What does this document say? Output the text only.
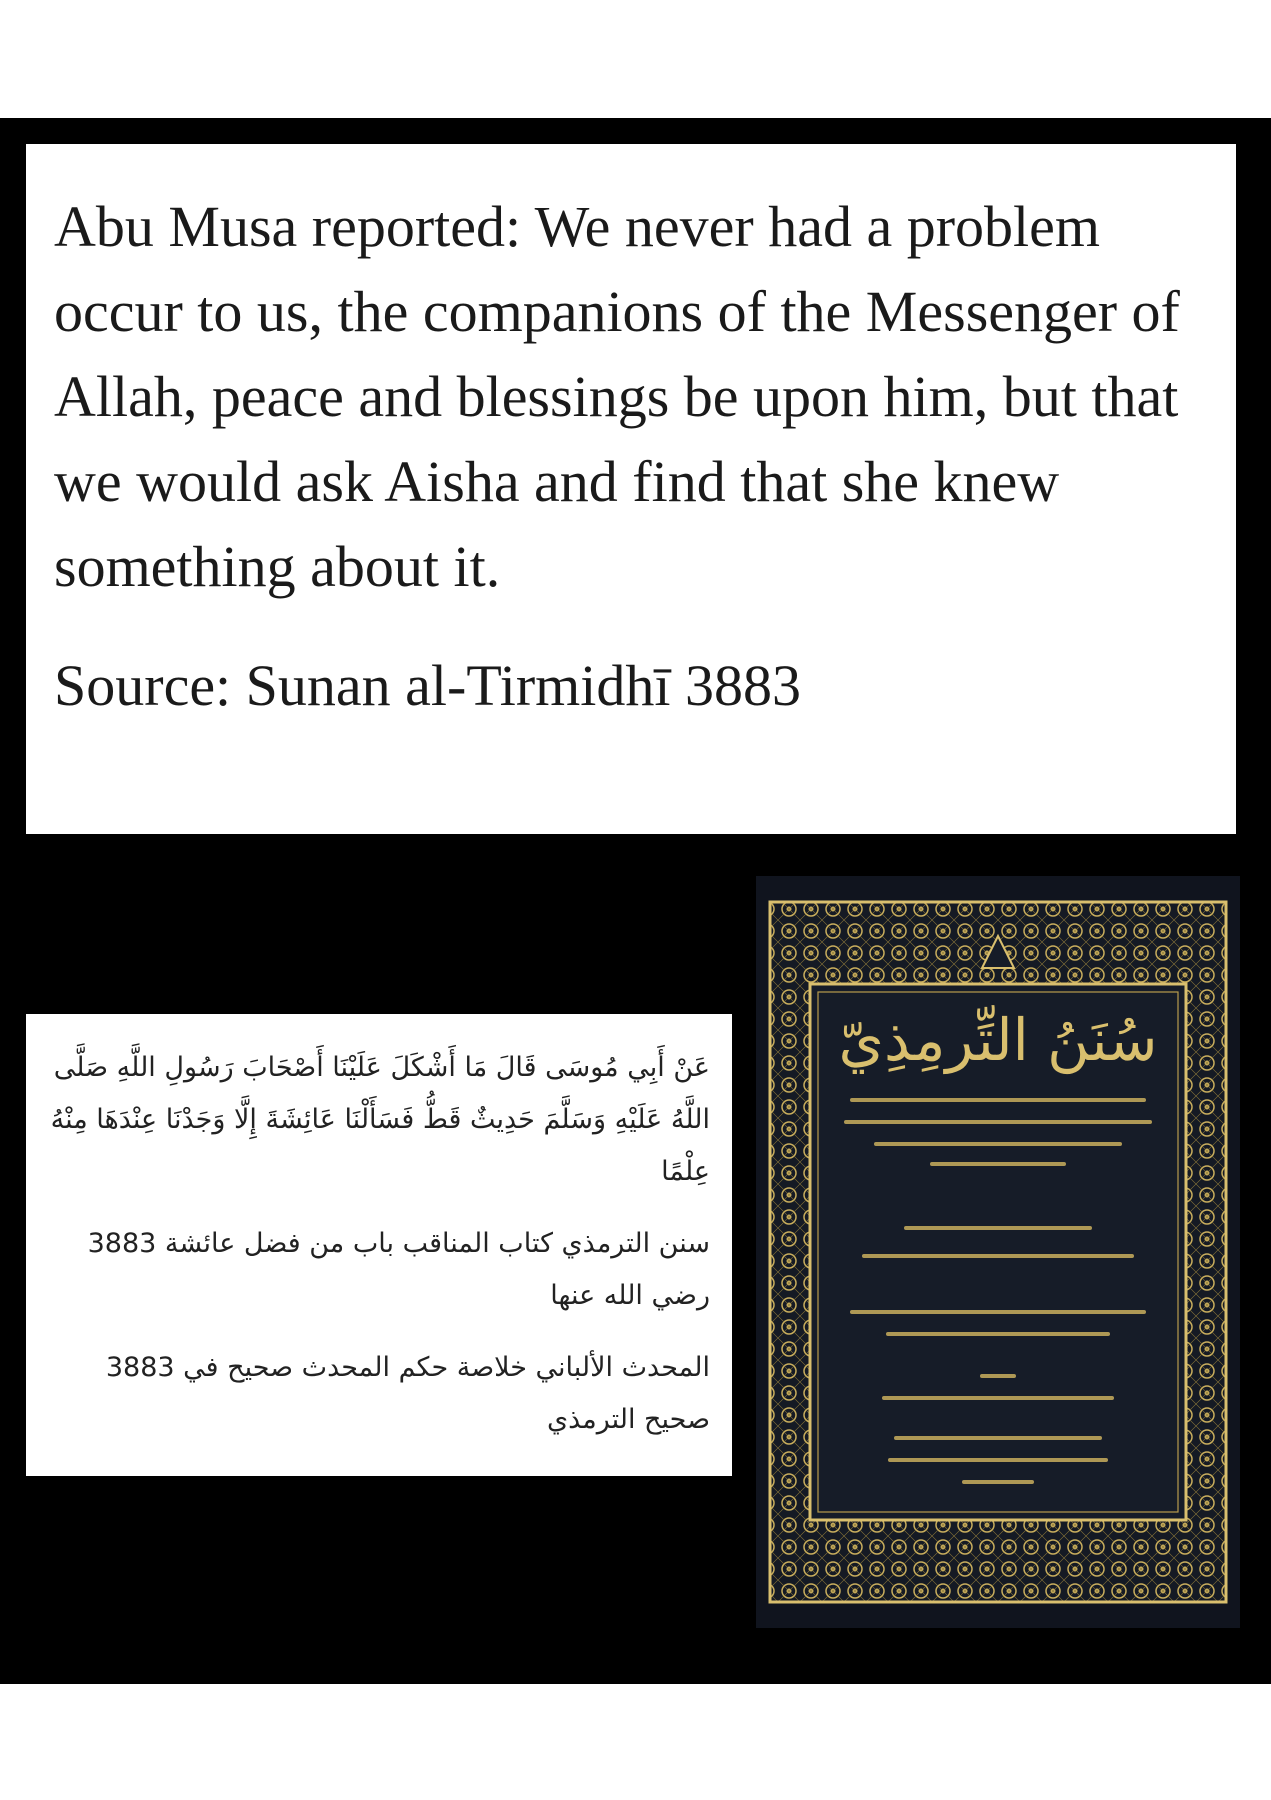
Abu Musa reported: We never had a problem occur to us, the companions of the Messenger of Allah, peace and blessings be upon him, but that we would ask Aisha and find that she knew something about it.

Source: Sunan al-Tirmidhī 3883

عَنْ أَبِي مُوسَى قَالَ مَا أَشْكَلَ عَلَيْنَا أَصْحَابَ رَسُولِ اللَّهِ صَلَّى اللَّهُ عَلَيْهِ وَسَلَّمَ حَدِيثٌ قَطُّ فَسَأَلْنَا عَائِشَةَ إِلَّا وَجَدْنَا عِنْدَهَا مِنْهُ عِلْمًا

سنن الترمذي كتاب المناقب باب من فضل عائشة 3883 رضي الله عنها

المحدث الألباني خلاصة حكم المحدث صحيح في 3883 صحيح الترمذي

سُنَنُ التِّرمِذِيّ
